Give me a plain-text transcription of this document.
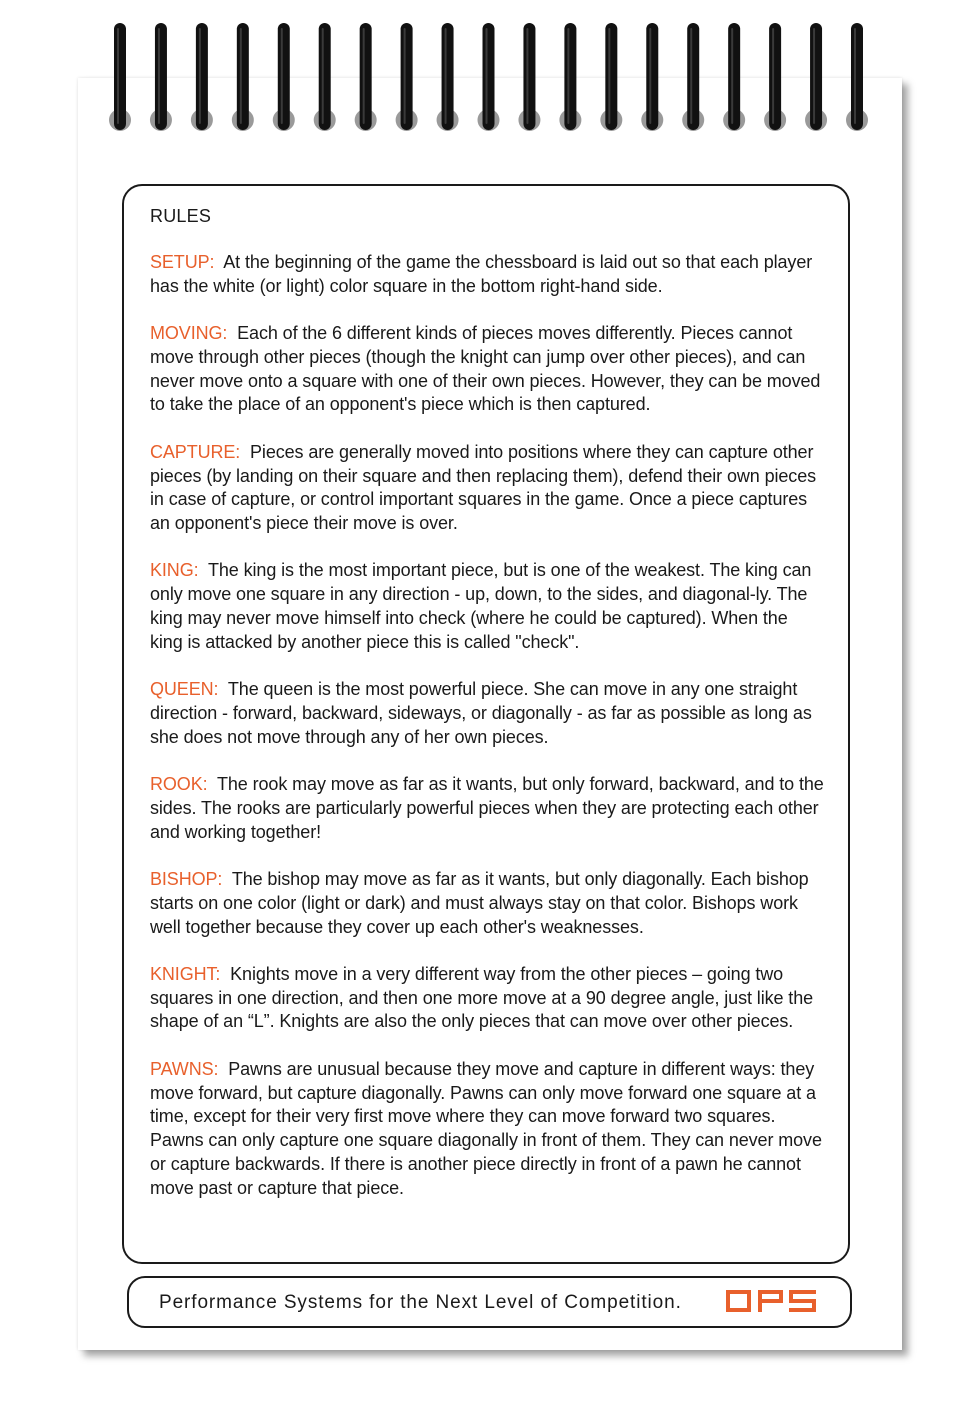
RULES

SETUP: At the beginning of the game the chessboard is laid out so that each player has the white (or light) color square in the bottom right-hand side.

MOVING: Each of the 6 different kinds of pieces moves differently. Pieces cannot move through other pieces (though the knight can jump over other pieces), and can never move onto a square with one of their own pieces. However, they can be moved to take the place of an opponent's piece which is then captured.

CAPTURE: Pieces are generally moved into positions where they can capture other pieces (by landing on their square and then replacing them), defend their own pieces in case of capture, or control important squares in the game. Once a piece captures an opponent's piece their move is over.

KING: The king is the most important piece, but is one of the weakest. The king can only move one square in any direction - up, down, to the sides, and diagonal-ly. The king may never move himself into check (where he could be captured). When the king is attacked by another piece this is called "check".

QUEEN: The queen is the most powerful piece. She can move in any one straight direction - forward, backward, sideways, or diagonally - as far as possible as long as she does not move through any of her own pieces.

ROOK: The rook may move as far as it wants, but only forward, backward, and to the sides. The rooks are particularly powerful pieces when they are protecting each other and working together!

BISHOP: The bishop may move as far as it wants, but only diagonally. Each bishop starts on one color (light or dark) and must always stay on that color. Bishops work well together because they cover up each other's weaknesses.

KNIGHT: Knights move in a very different way from the other pieces – going two squares in one direction, and then one more move at a 90 degree angle, just like the shape of an “L”. Knights are also the only pieces that can move over other pieces.

PAWNS: Pawns are unusual because they move and capture in different ways: they move forward, but capture diagonally. Pawns can only move forward one square at a time, except for their very first move where they can move forward two squares. Pawns can only capture one square diagonally in front of them. They can never move or capture backwards. If there is another piece directly in front of a pawn he cannot move past or capture that piece.

Performance Systems for the Next Level of Competition.
